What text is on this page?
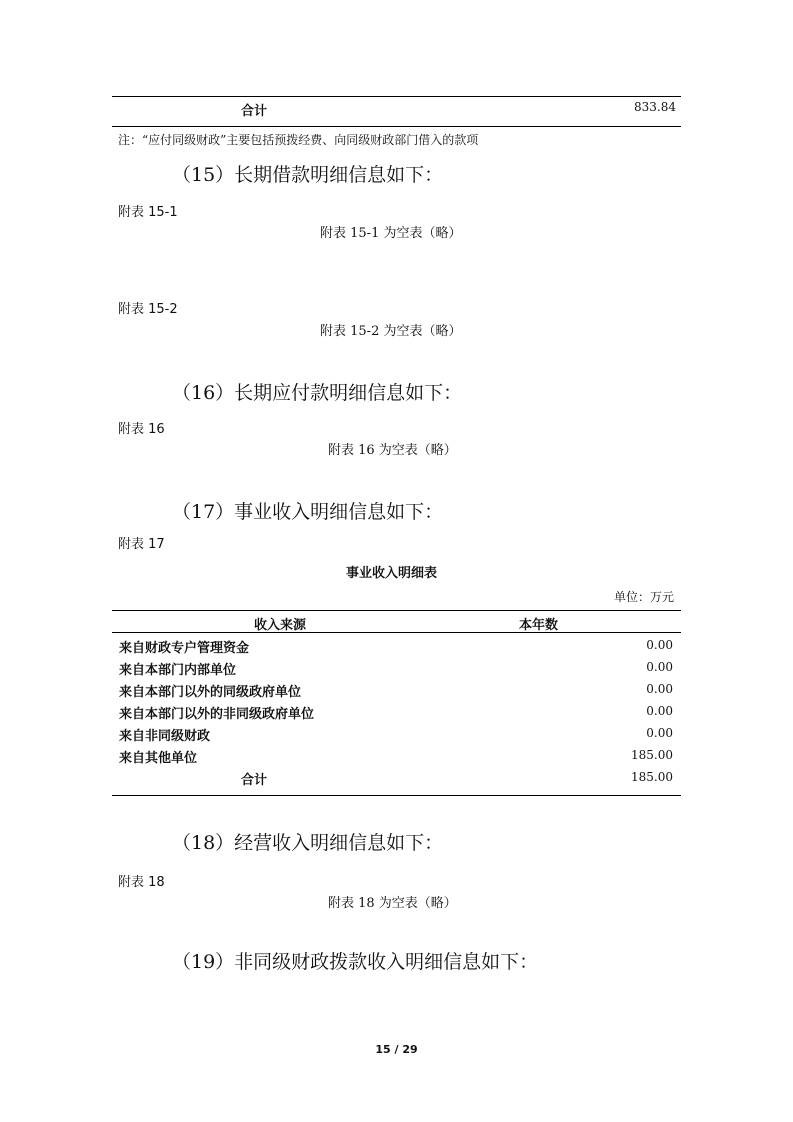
合计	833.84
注：“应付同级财政”主要包括预拨经费、向同级财政部门借入的款项
（15）长期借款明细信息如下：
附表 15-1
附表 15-1 为空表（略）
附表 15-2
附表 15-2 为空表（略）
（16）长期应付款明细信息如下：
附表 16
附表 16 为空表（略）
（17）事业收入明细信息如下：
附表 17
事业收入明细表
单位：万元
收入来源	本年数
来自财政专户管理资金	0.00
来自本部门内部单位	0.00
来自本部门以外的同级政府单位	0.00
来自本部门以外的非同级政府单位	0.00
来自非同级财政	0.00
来自其他单位	185.00
合计	185.00
（18）经营收入明细信息如下：
附表 18
附表 18 为空表（略）
（19）非同级财政拨款收入明细信息如下：
15 / 29
